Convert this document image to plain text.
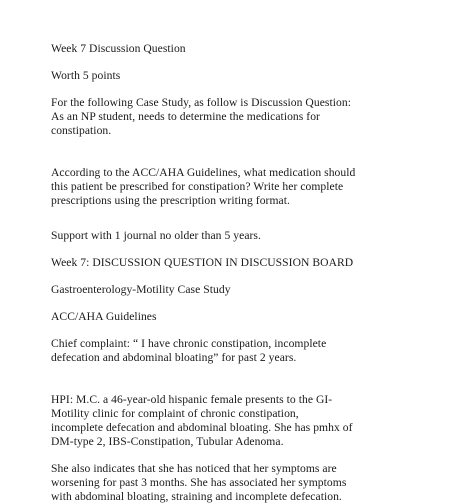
Week 7 Discussion Question

Worth 5 points

For the following Case Study, as follow is Discussion Question:
As an NP student, needs to determine the medications for
constipation.

According to the ACC/AHA Guidelines, what medication should
this patient be prescribed for constipation? Write her complete
prescriptions using the prescription writing format.

Support with 1 journal no older than 5 years.

Week 7: DISCUSSION QUESTION IN DISCUSSION BOARD

Gastroenterology-Motility Case Study

ACC/AHA Guidelines

Chief complaint: “ I have chronic constipation, incomplete
defecation and abdominal bloating” for past 2 years.

HPI: M.C. a 46-year-old hispanic female presents to the GI-
Motility clinic for complaint of chronic constipation,
incomplete defecation and abdominal bloating. She has pmhx of
DM-type 2, IBS-Constipation, Tubular Adenoma.

She also indicates that she has noticed that her symptoms are
worsening for past 3 months. She has associated her symptoms
with abdominal bloating, straining and incomplete defecation.
